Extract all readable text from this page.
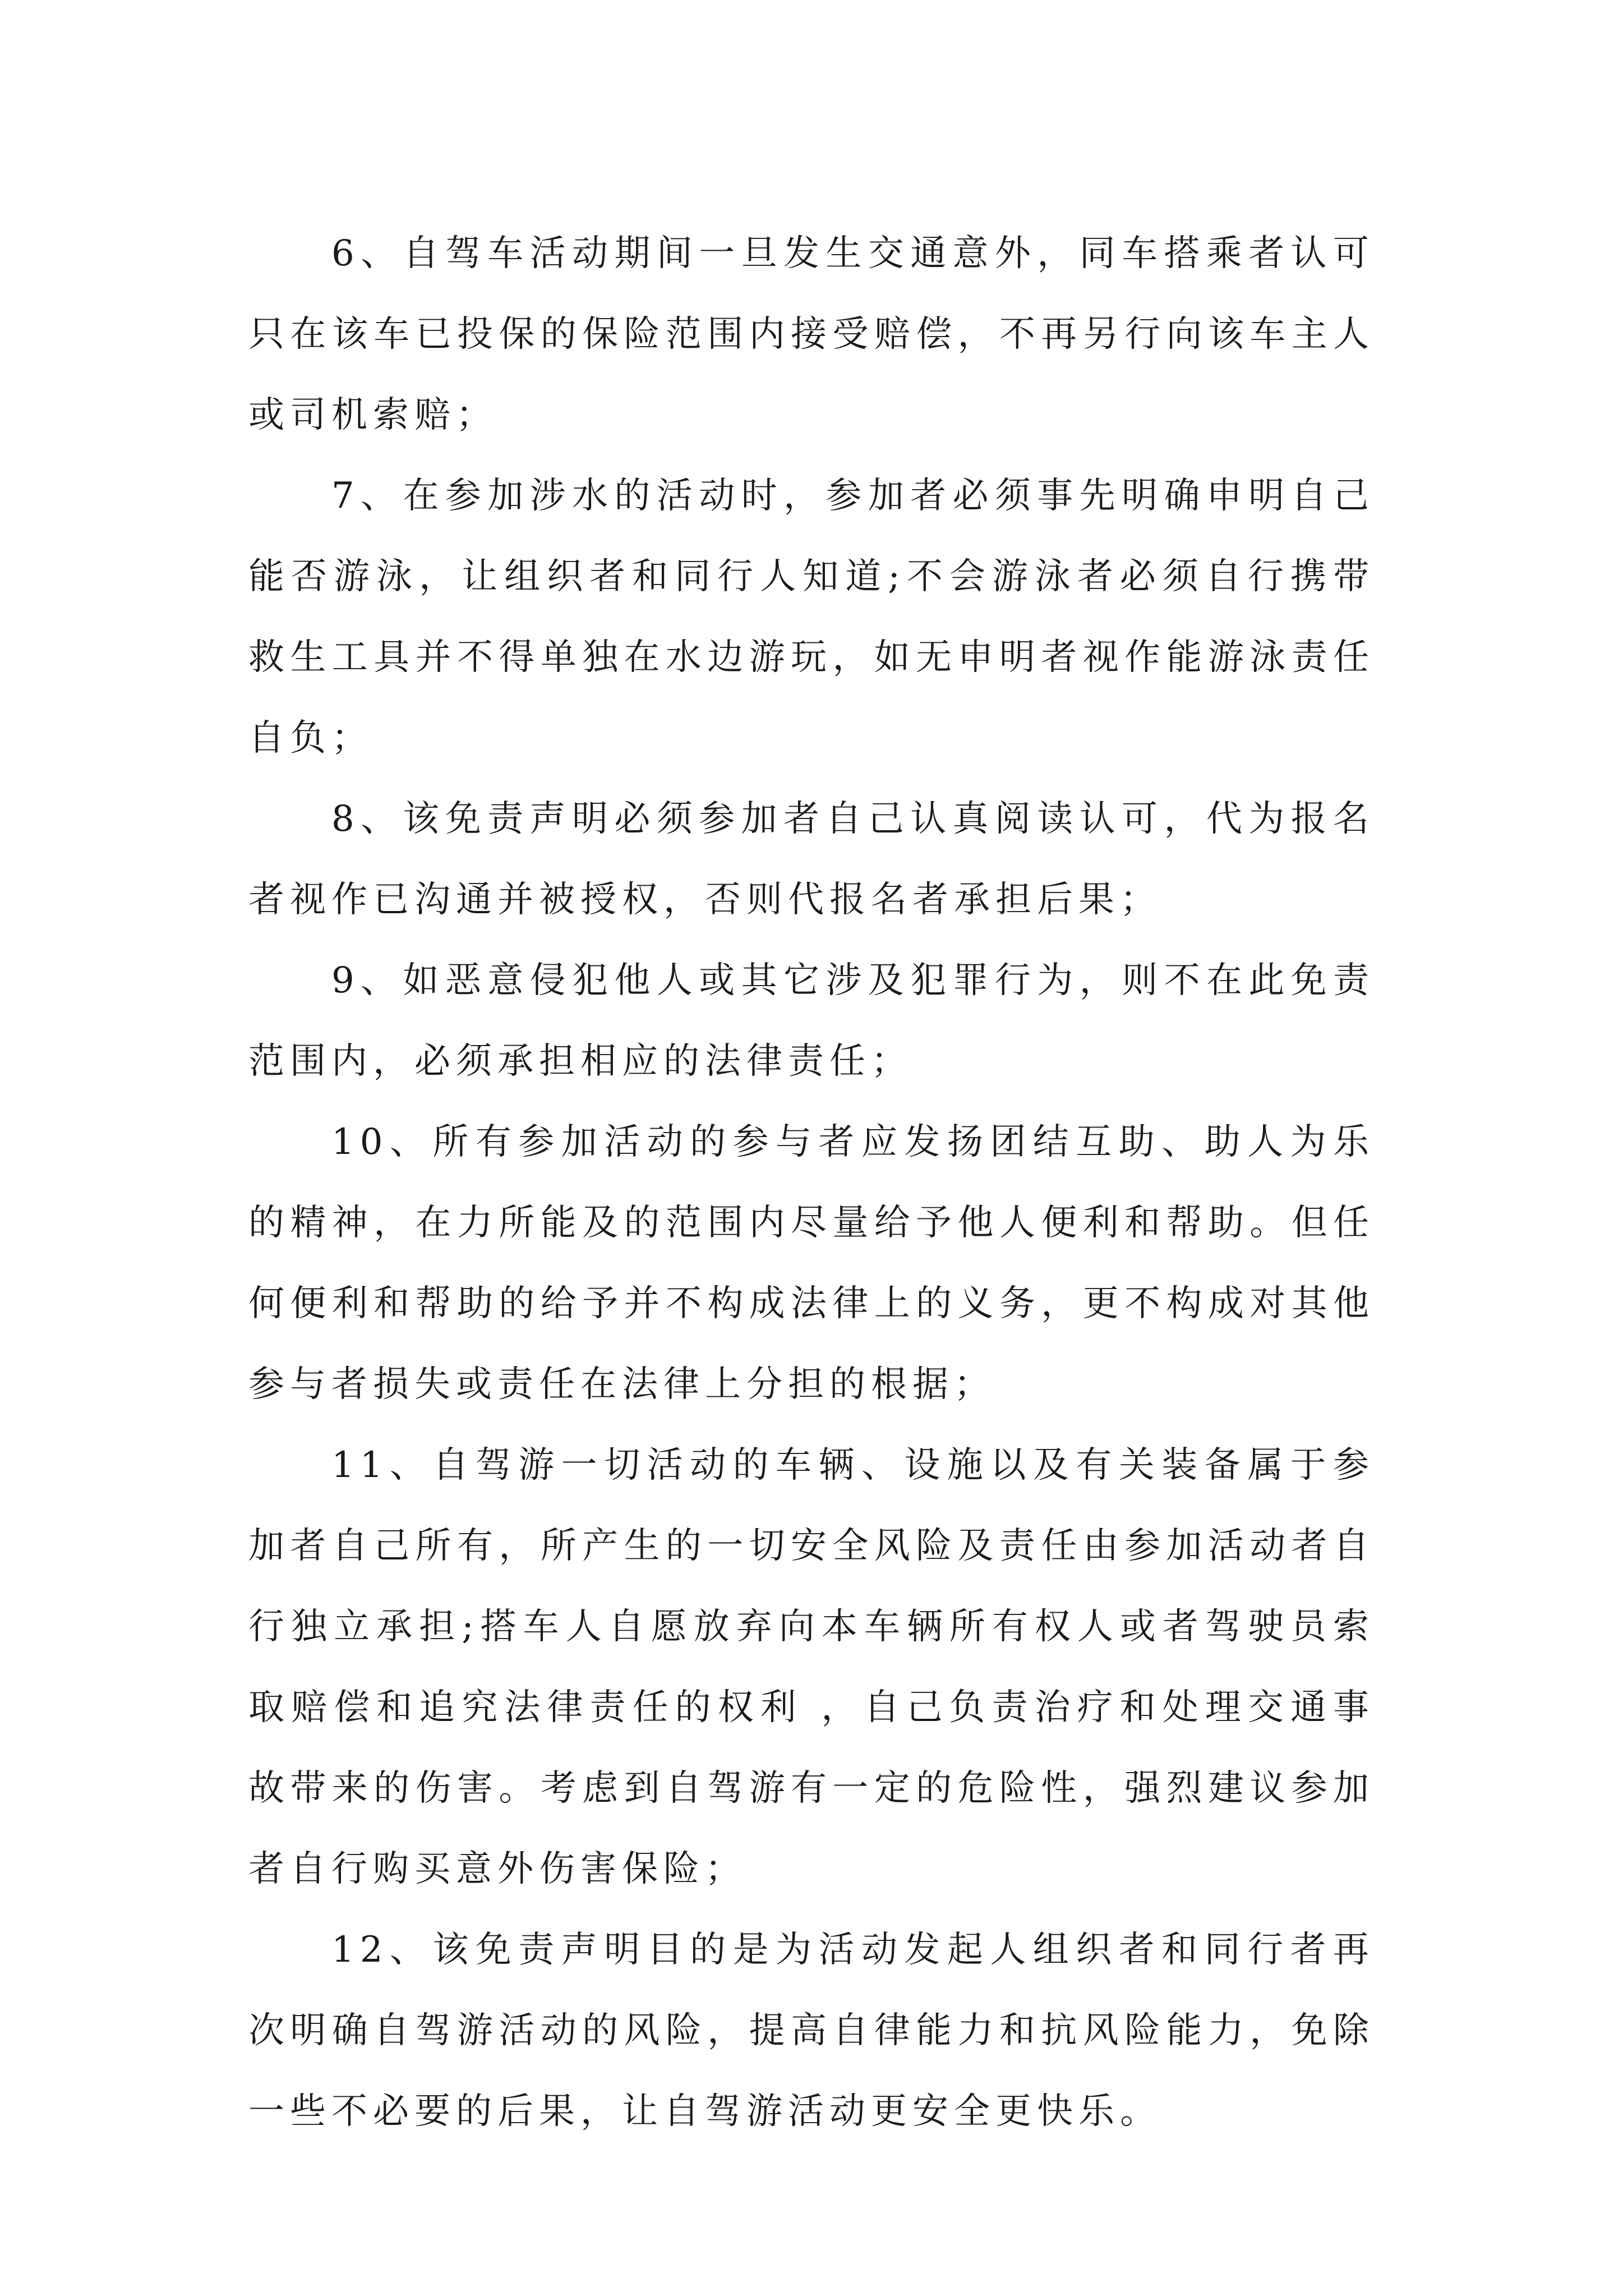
6、自驾车活动期间一旦发生交通意外，同车搭乘者认可只在该车已投保的保险范围内接受赔偿，不再另行向该车主人或司机索赔；

7、在参加涉水的活动时，参加者必须事先明确申明自己能否游泳，让组织者和同行人知道;不会游泳者必须自行携带救生工具并不得单独在水边游玩，如无申明者视作能游泳责任自负；

8、该免责声明必须参加者自己认真阅读认可，代为报名者视作已沟通并被授权，否则代报名者承担后果；

9、如恶意侵犯他人或其它涉及犯罪行为，则不在此免责范围内，必须承担相应的法律责任；

10、所有参加活动的参与者应发扬团结互助、助人为乐的精神，在力所能及的范围内尽量给予他人便利和帮助。但任何便利和帮助的给予并不构成法律上的义务，更不构成对其他参与者损失或责任在法律上分担的根据；

11、自驾游一切活动的车辆、设施以及有关装备属于参加者自己所有，所产生的一切安全风险及责任由参加活动者自行独立承担;搭车人自愿放弃向本车辆所有权人或者驾驶员索取赔偿和追究法律责任的权利 ，自己负责治疗和处理交通事故带来的伤害。考虑到自驾游有一定的危险性，强烈建议参加者自行购买意外伤害保险；

12、该免责声明目的是为活动发起人组织者和同行者再次明确自驾游活动的风险，提高自律能力和抗风险能力，免除一些不必要的后果，让自驾游活动更安全更快乐。
